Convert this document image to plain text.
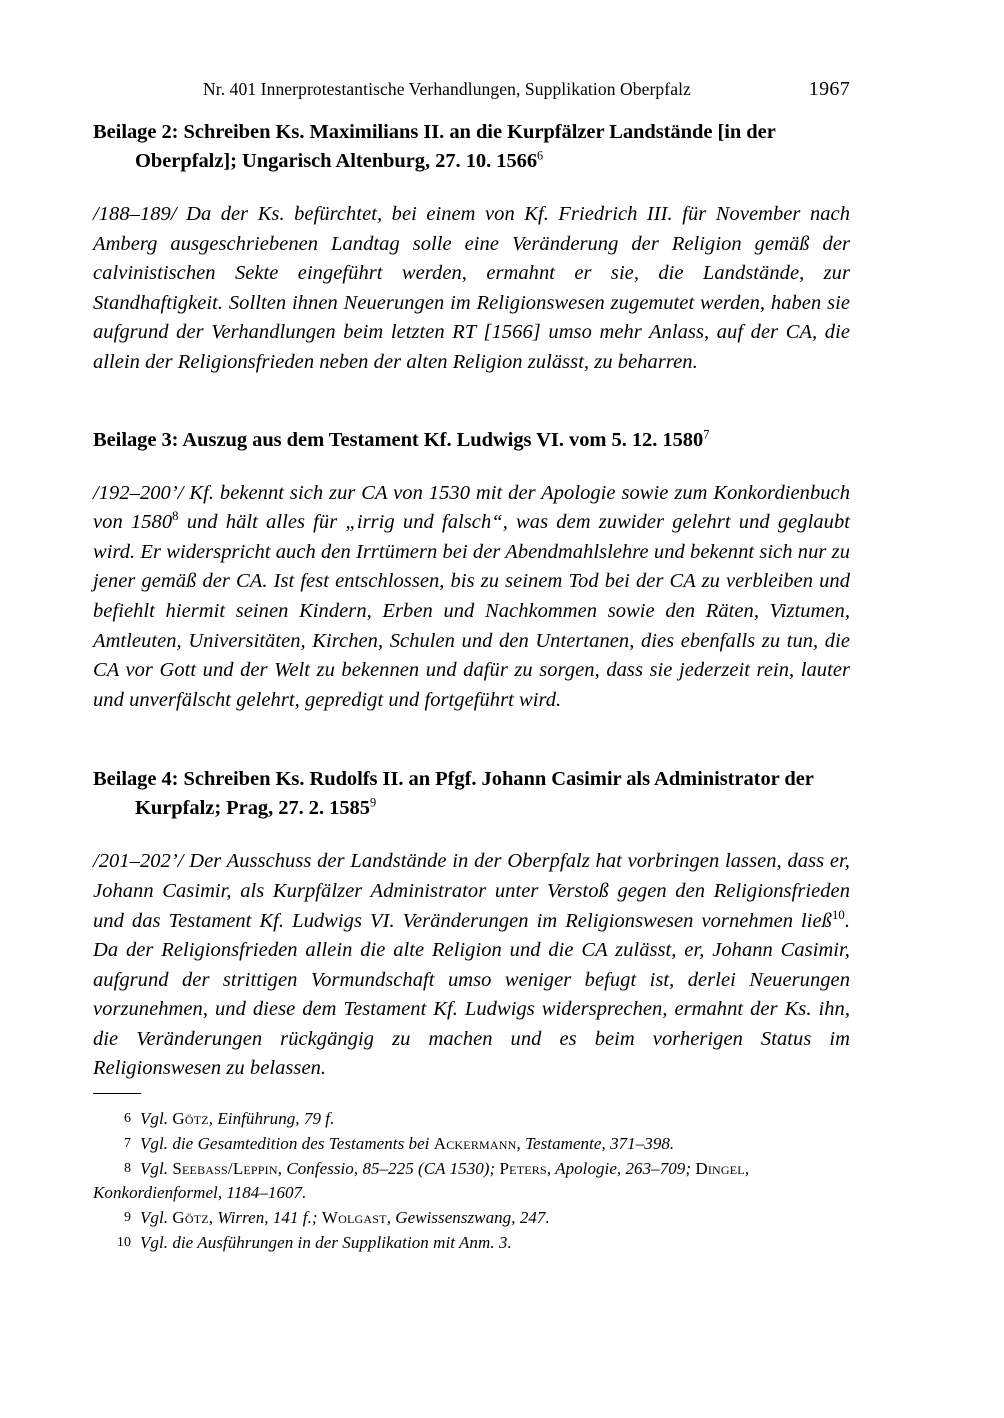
Nr. 401 Innerprotestantische Verhandlungen, Supplikation Oberpfalz	1967
Beilage 2: Schreiben Ks. Maximilians II. an die Kurpfälzer Landstände [in der Oberpfalz]; Ungarisch Altenburg, 27. 10. 1566$^6$

/188–189/ Da der Ks. befürchtet, bei einem von Kf. Friedrich III. für November nach Amberg ausgeschriebenen Landtag solle eine Veränderung der Religion gemäß der calvinistischen Sekte eingeführt werden, ermahnt er sie, die Landstände, zur Standhaftigkeit. Sollten ihnen Neuerungen im Religionswesen zugemutet werden, haben sie aufgrund der Verhandlungen beim letzten RT [1566] umso mehr Anlass, auf der CA, die allein der Religionsfrieden neben der alten Religion zulässt, zu beharren.

Beilage 3: Auszug aus dem Testament Kf. Ludwigs VI. vom 5. 12. 1580$^7$

/192–200’/ Kf. bekennt sich zur CA von 1530 mit der Apologie sowie zum Konkordienbuch von 1580$^8$ und hält alles für „irrig und falsch“, was dem zuwider gelehrt und geglaubt wird. Er widerspricht auch den Irrtümern bei der Abendmahlslehre und bekennt sich nur zu jener gemäß der CA. Ist fest entschlossen, bis zu seinem Tod bei der CA zu verbleiben und befiehlt hiermit seinen Kindern, Erben und Nachkommen sowie den Räten, Viztumen, Amtleuten, Universitäten, Kirchen, Schulen und den Untertanen, dies ebenfalls zu tun, die CA vor Gott und der Welt zu bekennen und dafür zu sorgen, dass sie jederzeit rein, lauter und unverfälscht gelehrt, gepredigt und fortgeführt wird.

Beilage 4: Schreiben Ks. Rudolfs II. an Pfgf. Johann Casimir als Administrator der Kurpfalz; Prag, 27. 2. 1585$^9$

/201–202’/ Der Ausschuss der Landstände in der Oberpfalz hat vorbringen lassen, dass er, Johann Casimir, als Kurpfälzer Administrator unter Verstoß gegen den Religionsfrieden und das Testament Kf. Ludwigs VI. Veränderungen im Religionswesen vornehmen ließ$^{10}$. Da der Religionsfrieden allein die alte Religion und die CA zulässt, er, Johann Casimir, aufgrund der strittigen Vormundschaft umso weniger befugt ist, derlei Neuerungen vorzunehmen, und diese dem Testament Kf. Ludwigs widersprechen, ermahnt der Ks. ihn, die Veränderungen rückgängig zu machen und es beim vorherigen Status im Religionswesen zu belassen.

6 Vgl. Götz, Einführung, 79 f.
7 Vgl. die Gesamtedition des Testaments bei Ackermann, Testamente, 371–398.
8 Vgl. Seebass/Leppin, Confessio, 85–225 (CA 1530); Peters, Apologie, 263–709; Dingel,
Konkordienformel, 1184–1607.
9 Vgl. Götz, Wirren, 141 f.; Wolgast, Gewissenszwang, 247.
10 Vgl. die Ausführungen in der Supplikation mit Anm. 3.
